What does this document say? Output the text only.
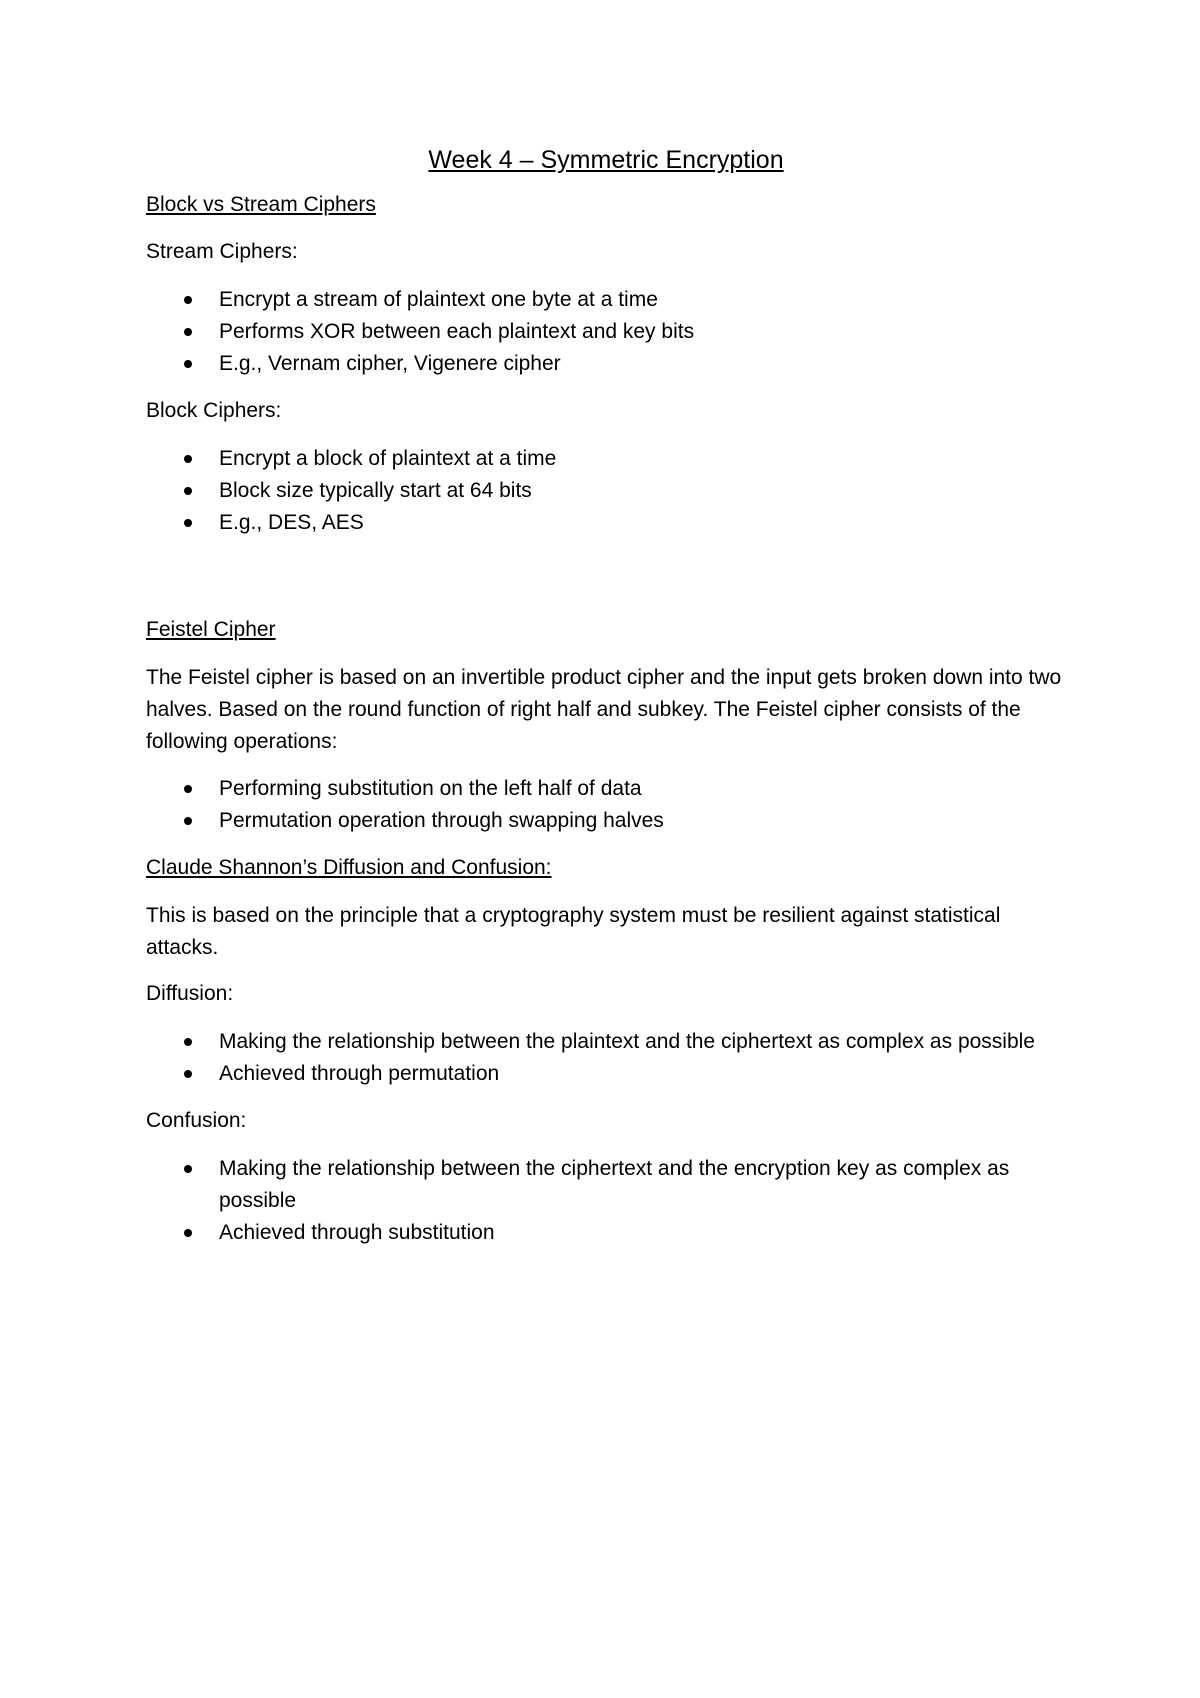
Week 4 – Symmetric Encryption
Block vs Stream Ciphers
Stream Ciphers:
Encrypt a stream of plaintext one byte at a time
Performs XOR between each plaintext and key bits
E.g., Vernam cipher, Vigenere cipher
Block Ciphers:
Encrypt a block of plaintext at a time
Block size typically start at 64 bits
E.g., DES, AES
Feistel Cipher
The Feistel cipher is based on an invertible product cipher and the input gets broken down into two halves. Based on the round function of right half and subkey. The Feistel cipher consists of the following operations:
Performing substitution on the left half of data
Permutation operation through swapping halves
Claude Shannon’s Diffusion and Confusion:
This is based on the principle that a cryptography system must be resilient against statistical attacks.
Diffusion:
Making the relationship between the plaintext and the ciphertext as complex as possible
Achieved through permutation
Confusion:
Making the relationship between the ciphertext and the encryption key as complex as possible
Achieved through substitution
